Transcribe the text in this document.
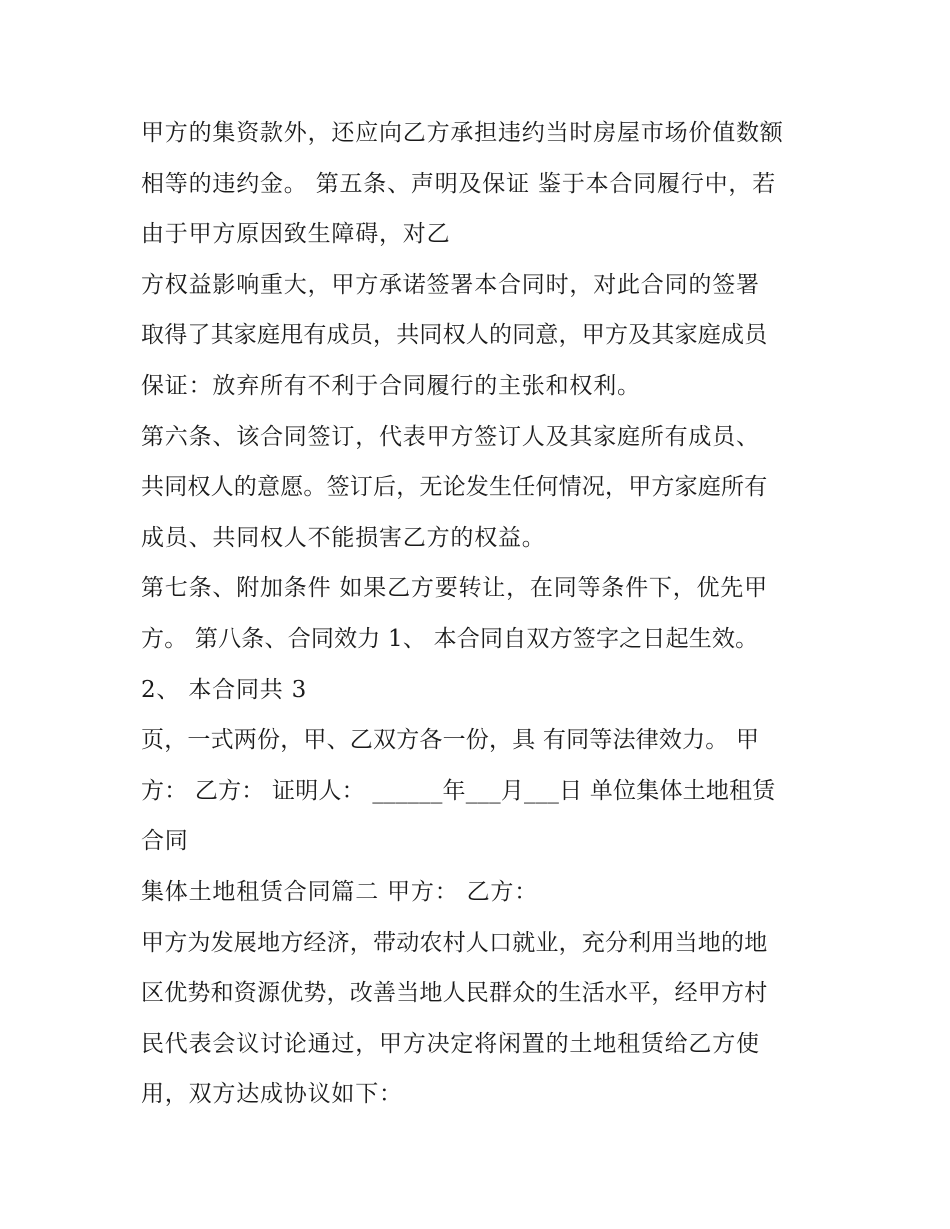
甲方的集资款外，还应向乙方承担违约当时房屋市场价值数额
相等的违约金。 第五条、声明及保证 鉴于本合同履行中，若
由于甲方原因致生障碍，对乙
方权益影响重大，甲方承诺签署本合同时，对此合同的签署
取得了其家庭甩有成员，共同权人的同意，甲方及其家庭成员
保证：放弃所有不利于合同履行的主张和权利。
第六条、该合同签订，代表甲方签订人及其家庭所有成员、
共同权人的意愿。签订后，无论发生任何情况，甲方家庭所有
成员、共同权人不能损害乙方的权益。
第七条、附加条件 如果乙方要转让，在同等条件下，优先甲
方。 第八条、合同效力 1、 本合同自双方签字之日起生效。
2、 本合同共 3
页，一式两份，甲、乙双方各一份，具 有同等法律效力。 甲
方： 乙方： 证明人： ______年___月___日 单位集体土地租赁
合同
集体土地租赁合同篇二 甲方： 乙方：
甲方为发展地方经济，带动农村人口就业，充分利用当地的地
区优势和资源优势，改善当地人民群众的生活水平，经甲方村
民代表会议讨论通过，甲方决定将闲置的土地租赁给乙方使
用，双方达成协议如下：
